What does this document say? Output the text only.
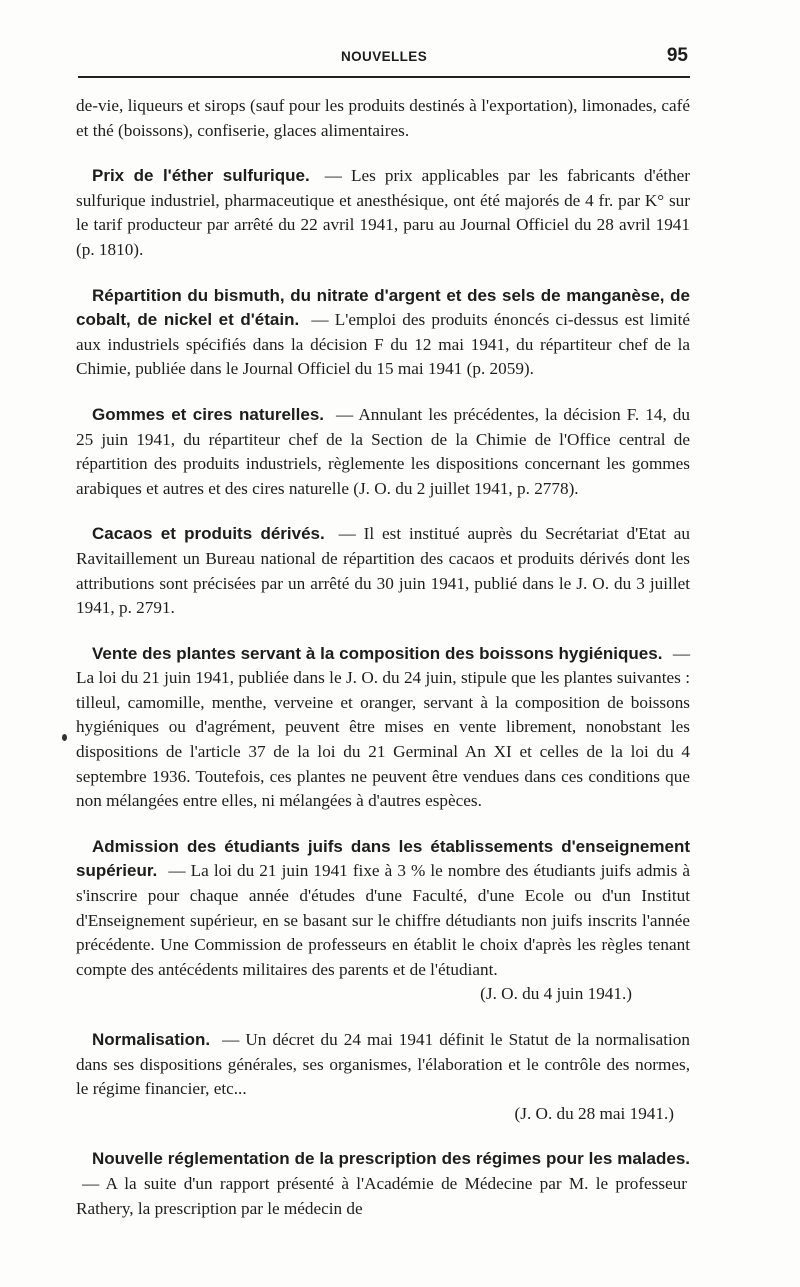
NOUVELLES	95

de-vie, liqueurs et sirops (sauf pour les produits destinés à l'exportation), limonades, café et thé (boissons), confiserie, glaces alimentaires.

Prix de l'éther sulfurique. — Les prix applicables par les fabricants d'éther sulfurique industriel, pharmaceutique et anesthésique, ont été majorés de 4 fr. par K° sur le tarif producteur par arrêté du 22 avril 1941, paru au Journal Officiel du 28 avril 1941 (p. 1810).

Répartition du bismuth, du nitrate d'argent et des sels de manganèse, de cobalt, de nickel et d'étain. — L'emploi des produits énoncés ci-dessus est limité aux industriels spécifiés dans la décision F du 12 mai 1941, du répartiteur chef de la Chimie, publiée dans le Journal Officiel du 15 mai 1941 (p. 2059).

Gommes et cires naturelles. — Annulant les précédentes, la décision F. 14, du 25 juin 1941, du répartiteur chef de la Section de la Chimie de l'Office central de répartition des produits industriels, règlemente les dispositions concernant les gommes arabiques et autres et des cires naturelle (J. O. du 2 juillet 1941, p. 2778).

Cacaos et produits dérivés. — Il est institué auprès du Secrétariat d'Etat au Ravitaillement un Bureau national de répartition des cacaos et produits dérivés dont les attributions sont précisées par un arrêté du 30 juin 1941, publié dans le J. O. du 3 juillet 1941, p. 2791.

Vente des plantes servant à la composition des boissons hygiéniques. — La loi du 21 juin 1941, publiée dans le J. O. du 24 juin, stipule que les plantes suivantes : tilleul, camomille, menthe, verveine et oranger, servant à la composition de boissons hygiéniques ou d'agrément, peuvent être mises en vente librement, nonobstant les dispositions de l'article 37 de la loi du 21 Germinal An XI et celles de la loi du 4 septembre 1936. Toutefois, ces plantes ne peuvent être vendues dans ces conditions que non mélangées entre elles, ni mélangées à d'autres espèces.

Admission des étudiants juifs dans les établissements d'enseignement supérieur. — La loi du 21 juin 1941 fixe à 3 % le nombre des étudiants juifs admis à s'inscrire pour chaque année d'études d'une Faculté, d'une Ecole ou d'un Institut d'Enseignement supérieur, en se basant sur le chiffre détudiants non juifs inscrits l'année précédente. Une Commission de professeurs en établit le choix d'après les règles tenant compte des antécédents militaires des parents et de l'étudiant.

(J. O. du 4 juin 1941.)

Normalisation. — Un décret du 24 mai 1941 définit le Statut de la normalisation dans ses dispositions générales, ses organismes, l'élaboration et le contrôle des normes, le régime financier, etc...

(J. O. du 28 mai 1941.)

Nouvelle réglementation de la prescription des régimes pour les malades. — A la suite d'un rapport présenté à l'Académie de Médecine par M. le professeur Rathery, la prescription par le médecin de
